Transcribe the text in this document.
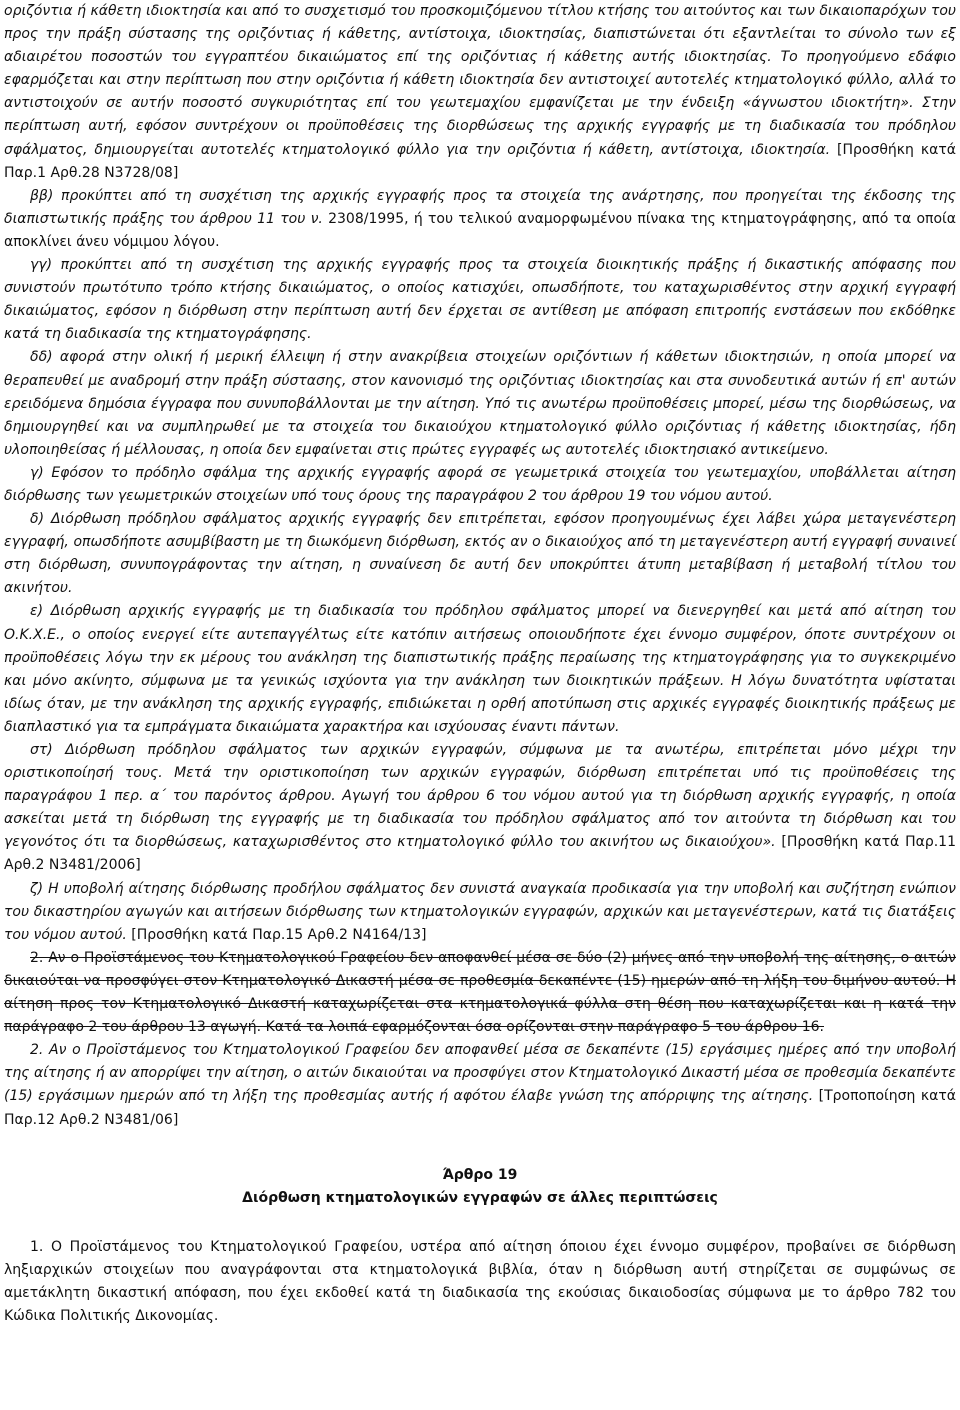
οριζόντια ή κάθετη ιδιοκτησία και από το συσχετισμό του προσκομιζόμενου τίτλου κτήσης του αιτούντος και των δικαιοπαρόχων του προς την πράξη σύστασης της οριζόντιας ή κάθετης, αντίστοιχα, ιδιοκτησίας, διαπιστώνεται ότι εξαντλείται το σύνολο των εξ αδιαιρέτου ποσοστών του εγγραπτέου δικαιώματος επί της οριζόντιας ή κάθετης αυτής ιδιοκτησίας. Το προηγούμενο εδάφιο εφαρμόζεται και στην περίπτωση που στην οριζόντια ή κάθετη ιδιοκτησία δεν αντιστοιχεί αυτοτελές κτηματολογικό φύλλο, αλλά το αντιστοιχούν σε αυτήν ποσοστό συγκυριότητας επί του γεωτεμαχίου εμφανίζεται με την ένδειξη «άγνωστου ιδιοκτήτη». Στην περίπτωση αυτή, εφόσον συντρέχουν οι προϋποθέσεις της διορθώσεως της αρχικής εγγραφής με τη διαδικασία του πρόδηλου σφάλματος, δημιουργείται αυτοτελές κτηματολογικό φύλλο για την οριζόντια ή κάθετη, αντίστοιχα, ιδιοκτησία. [Προσθήκη κατά Παρ.1 Αρθ.28 Ν3728/08]

ββ) προκύπτει από τη συσχέτιση της αρχικής εγγραφής προς τα στοιχεία της ανάρτησης, που προηγείται της έκδοσης της διαπιστωτικής πράξης του άρθρου 11 του ν. 2308/1995, ή του τελικού αναμορφωμένου πίνακα της κτηματογράφησης, από τα οποία αποκλίνει άνευ νόμιμου λόγου.

γγ) προκύπτει από τη συσχέτιση της αρχικής εγγραφής προς τα στοιχεία διοικητικής πράξης ή δικαστικής απόφασης που συνιστούν πρωτότυπο τρόπο κτήσης δικαιώματος, ο οποίος κατισχύει, οπωσδήποτε, του καταχωρισθέντος στην αρχική εγγραφή δικαιώματος, εφόσον η διόρθωση στην περίπτωση αυτή δεν έρχεται σε αντίθεση με απόφαση επιτροπής ενστάσεων που εκδόθηκε κατά τη διαδικασία της κτηματογράφησης.

δδ) αφορά στην ολική ή μερική έλλειψη ή στην ανακρίβεια στοιχείων οριζόντιων ή κάθετων ιδιοκτησιών, η οποία μπορεί να θεραπευθεί με αναδρομή στην πράξη σύστασης, στον κανονισμό της οριζόντιας ιδιοκτησίας και στα συνοδευτικά αυτών ή επ' αυτών ερειδόμενα δημόσια έγγραφα που συνυποβάλλονται με την αίτηση. Υπό τις ανωτέρω προϋποθέσεις μπορεί, μέσω της διορθώσεως, να δημιουργηθεί και να συμπληρωθεί με τα στοιχεία του δικαιούχου κτηματολογικό φύλλο οριζόντιας ή κάθετης ιδιοκτησίας, ήδη υλοποιηθείσας ή μέλλουσας, η οποία δεν εμφαίνεται στις πρώτες εγγραφές ως αυτοτελές ιδιοκτησιακό αντικείμενο.

γ) Εφόσον το πρόδηλο σφάλμα της αρχικής εγγραφής αφορά σε γεωμετρικά στοιχεία του γεωτεμαχίου, υποβάλλεται αίτηση διόρθωσης των γεωμετρικών στοιχείων υπό τους όρους της παραγράφου 2 του άρθρου 19 του νόμου αυτού.

δ) Διόρθωση πρόδηλου σφάλματος αρχικής εγγραφής δεν επιτρέπεται, εφόσον προηγουμένως έχει λάβει χώρα μεταγενέστερη εγγραφή, οπωσδήποτε ασυμβίβαστη με τη διωκόμενη διόρθωση, εκτός αν ο δικαιούχος από τη μεταγενέστερη αυτή εγγραφή συναινεί στη διόρθωση, συνυπογράφοντας την αίτηση, η συναίνεση δε αυτή δεν υποκρύπτει άτυπη μεταβίβαση ή μεταβολή τίτλου του ακινήτου.

ε) Διόρθωση αρχικής εγγραφής με τη διαδικασία του πρόδηλου σφάλματος μπορεί να διενεργηθεί και μετά από αίτηση του Ο.Κ.Χ.Ε., ο οποίος ενεργεί είτε αυτεπαγγέλτως είτε κατόπιν αιτήσεως οποιουδήποτε έχει έννομο συμφέρον, όποτε συντρέχουν οι προϋποθέσεις λόγω την εκ μέρους του ανάκληση της διαπιστωτικής πράξης περαίωσης της κτηματογράφησης για το συγκεκριμένο και μόνο ακίνητο, σύμφωνα με τα γενικώς ισχύοντα για την ανάκληση των διοικητικών πράξεων. Η λόγω δυνατότητα υφίσταται ιδίως όταν, με την ανάκληση της αρχικής εγγραφής, επιδιώκεται η ορθή αποτύπωση στις αρχικές εγγραφές διοικητικής πράξεως με διαπλαστικό για τα εμπράγματα δικαιώματα χαρακτήρα και ισχύουσας έναντι πάντων.

στ) Διόρθωση πρόδηλου σφάλματος των αρχικών εγγραφών, σύμφωνα με τα ανωτέρω, επιτρέπεται μόνο μέχρι την οριστικοποίησή τους. Μετά την οριστικοποίηση των αρχικών εγγραφών, διόρθωση επιτρέπεται υπό τις προϋποθέσεις της παραγράφου 1 περ. α΄ του παρόντος άρθρου. Αγωγή του άρθρου 6 του νόμου αυτού για τη διόρθωση αρχικής εγγραφής, η οποία ασκείται μετά τη διόρθωση της εγγραφής με τη διαδικασία του πρόδηλου σφάλματος από τον αιτούντα τη διόρθωση και του γεγονότος ότι τα διορθώσεως, καταχωρισθέντος στο κτηματολογικό φύλλο του ακινήτου ως δικαιούχου». [Προσθήκη κατά Παρ.11 Αρθ.2 Ν3481/2006]

ζ) Η υποβολή αίτησης διόρθωσης προδήλου σφάλματος δεν συνιστά αναγκαία προδικασία για την υποβολή και συζήτηση ενώπιον του δικαστηρίου αγωγών και αιτήσεων διόρθωσης των κτηματολογικών εγγραφών, αρχικών και μεταγενέστερων, κατά τις διατάξεις του νόμου αυτού. [Προσθήκη κατά Παρ.15 Αρθ.2 Ν4164/13]

2. Αν ο Προϊστάμενος του Κτηματολογικού Γραφείου δεν αποφανθεί μέσα σε δύο (2) μήνες από την υποβολή της αίτησης, ο αιτών δικαιούται να προσφύγει στον Κτηματολογικό Δικαστή μέσα σε προθεσμία δεκαπέντε (15) ημερών από τη λήξη του διμήνου αυτού. Η αίτηση προς τον Κτηματολογικό Δικαστή καταχωρίζεται στα κτηματολογικά φύλλα στη θέση που καταχωρίζεται και η κατά την παράγραφο 2 του άρθρου 13 αγωγή. Κατά τα λοιπά εφαρμόζονται όσα ορίζονται στην παράγραφο 5 του άρθρου 16.

2. Αν ο Προϊστάμενος του Κτηματολογικού Γραφείου δεν αποφανθεί μέσα σε δεκαπέντε (15) εργάσιμες ημέρες από την υποβολή της αίτησης ή αν απορρίψει την αίτηση, ο αιτών δικαιούται να προσφύγει στον Κτηματολογικό Δικαστή μέσα σε προθεσμία δεκαπέντε (15) εργάσιμων ημερών από τη λήξη της προθεσμίας αυτής ή αφότου έλαβε γνώση της απόρριψης της αίτησης. [Τροποποίηση κατά Παρ.12 Αρθ.2 Ν3481/06]

Άρθρο 19
Διόρθωση κτηματολογικών εγγραφών σε άλλες περιπτώσεις

1. Ο Προϊστάμενος του Κτηματολογικού Γραφείου, υστέρα από αίτηση όποιου έχει έννομο συμφέρον, προβαίνει σε διόρθωση ληξιαρχικών στοιχείων που αναγράφονται στα κτηματολογικά βιβλία, όταν η διόρθωση αυτή στηρίζεται σε συμφώνως σε αμετάκλητη δικαστική απόφαση, που έχει εκδοθεί κατά τη διαδικασία της εκούσιας δικαιοδοσίας σύμφωνα με το άρθρο 782 του Κώδικα Πολιτικής Δικονομίας.
